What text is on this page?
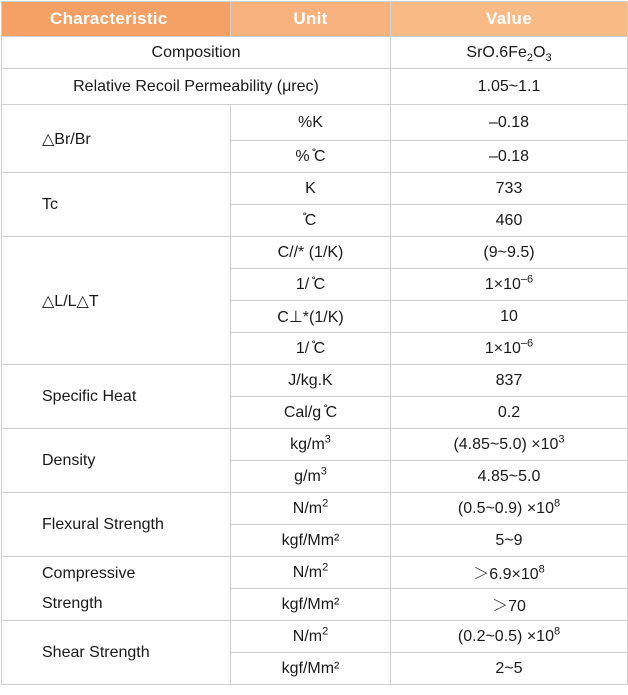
Characteristic	Unit	Value
Composition		$SrO.6Fe_2O_3$
Relative Recoil Permeability (μrec)		1.05~1.1
△Br/Br	%K	–0.18
	% ̊C	–0.18
Tc	K	733
	̊C	460
△L/L△T	C//* (1/K)	(9~9.5)
	1/ ̊C	$1\times 10^{-6}$
	C⊥*(1/K)	10
	1/ ̊C	$1\times 10^{-6}$
Specific Heat	J/kg.K	837
	Cal/g ̊C	0.2
Density	$kg/m^3$	(4.85~5.0) $\times 10^3$
	$g/m^3$	4.85~5.0
Flexural Strength	$N/m^2$	(0.5~0.9) $\times 10^8$
	kgf/Mm²	5~9
Compressive
Strength	$N/m^2$	$>6.9\times 10^8$
	kgf/Mm²	＞70
Shear Strength	$N/m^2$	(0.2~0.5) $\times 10^8$
	kgf/Mm²	2~5
